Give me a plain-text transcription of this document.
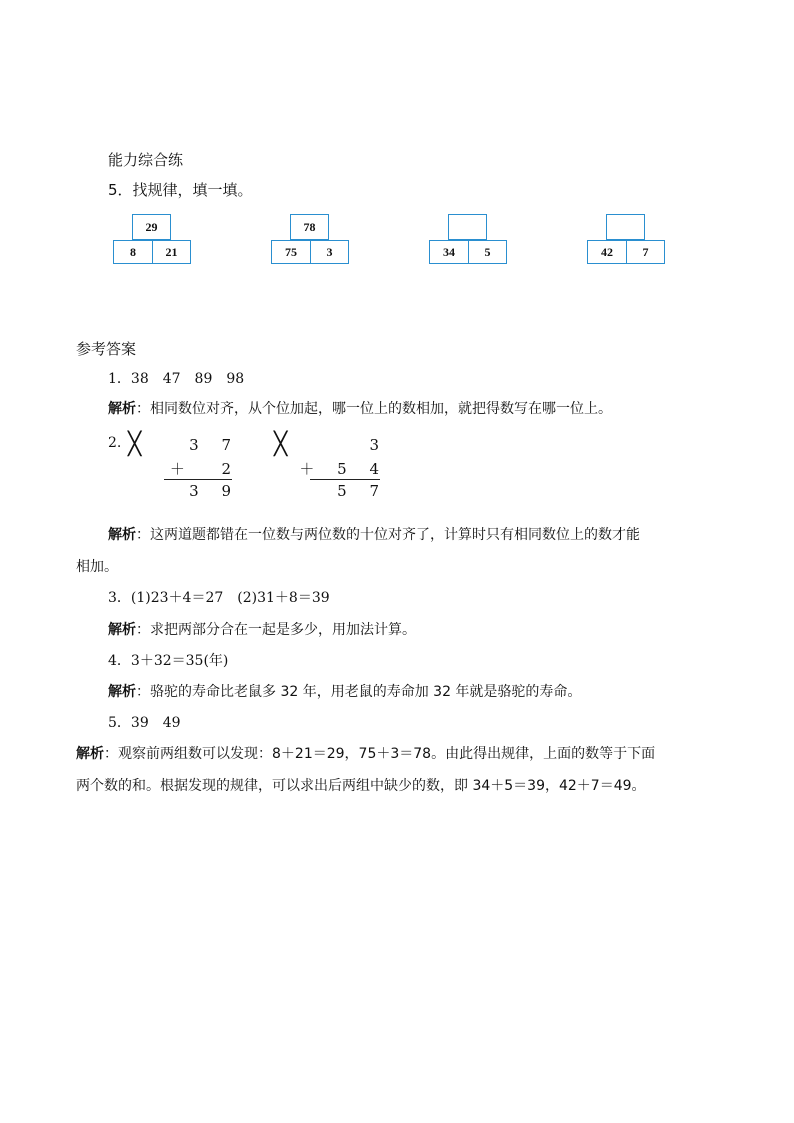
能力综合练
5．找规律，填一填。
29
8	21
78
75	3	34	5	42	7
参考答案
1．38　47　89　98
解析：相同数位对齐，从个位加起，哪一位上的数相加，就把得数写在哪一位上。
2. ╳	╳
3 7
＋  2
3 9
3
＋ 5 4
5 7
解析：这两道题都错在一位数与两位数的十位对齐了，计算时只有相同数位上的数才能
相加。
3．(1)23＋4＝27　(2)31＋8＝39
解析：求把两部分合在一起是多少，用加法计算。
4．3＋32＝35(年)
解析：骆驼的寿命比老鼠多 32 年，用老鼠的寿命加 32 年就是骆驼的寿命。
5．39　49
解析：观察前两组数可以发现：8＋21＝29，75＋3＝78。由此得出规律，上面的数等于下面
两个数的和。根据发现的规律，可以求出后两组中缺少的数，即 34＋5＝39，42＋7＝49。
